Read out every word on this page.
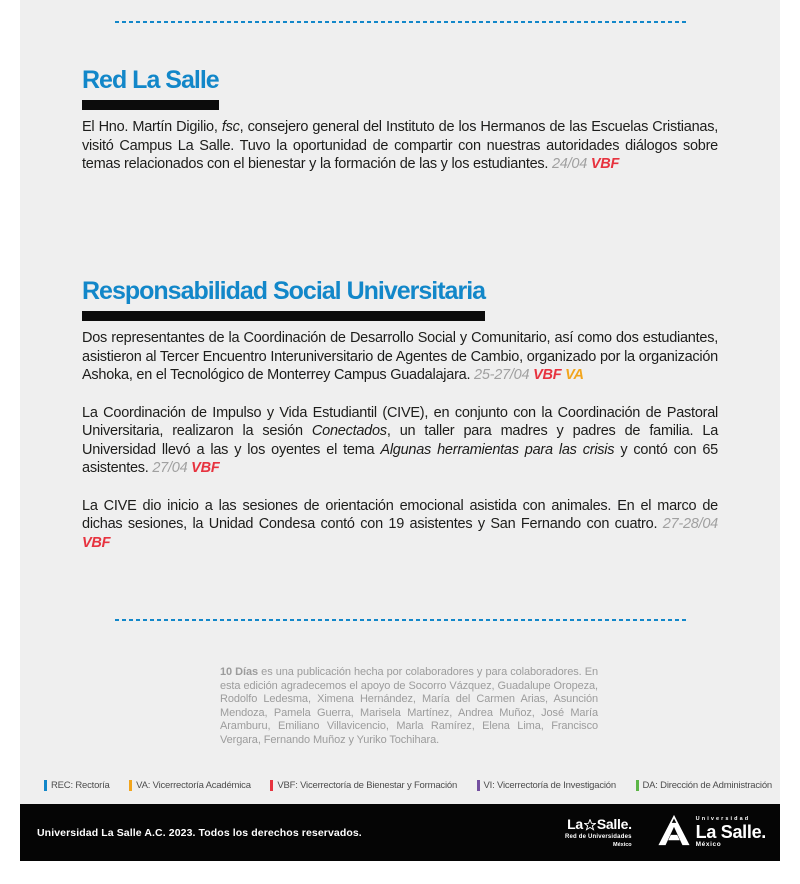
Red La Salle

El Hno. Martín Digilio, fsc, consejero general del Instituto de los Hermanos de las Escuelas Cristianas, visitó Campus La Salle. Tuvo la oportunidad de compartir con nuestras autoridades diálogos sobre temas relacionados con el bienestar y la formación de las y los estudiantes. 24/04 VBF

Responsabilidad Social Universitaria

Dos representantes de la Coordinación de Desarrollo Social y Comunitario, así como dos estudiantes, asistieron al Tercer Encuentro Interuniversitario de Agentes de Cambio, organizado por la organización Ashoka, en el Tecnológico de Monterrey Campus Guadalajara. 25-27/04 VBF VA

La Coordinación de Impulso y Vida Estudiantil (CIVE), en conjunto con la Coordinación de Pastoral Universitaria, realizaron la sesión Conectados, un taller para madres y padres de familia. La Universidad llevó a las y los oyentes el tema Algunas herramientas para las crisis y contó con 65 asistentes. 27/04 VBF

La CIVE dio inicio a las sesiones de orientación emocional asistida con animales. En el marco de dichas sesiones, la Unidad Condesa contó con 19 asistentes y San Fernando con cuatro. 27-28/04 VBF

10 Días es una publicación hecha por colaboradores y para colaboradores. En esta edición agradecemos el apoyo de Socorro Vázquez, Guadalupe Oropeza, Rodolfo Ledesma, Ximena Hernández, María del Carmen Arias, Asunción Mendoza, Pamela Guerra, Marisela Martínez, Andrea Muñoz, José María Aramburu, Emiliano Villavicencio, Marla Ramírez, Elena Lima, Francisco Vergara, Fernando Muñoz y Yuriko Tochihara.

REC: Rectoría	VA: Vicerrectoría Académica	VBF: Vicerrectoría de Bienestar y Formación	VI: Vicerrectoría de Investigación	DA: Dirección de Administración
Universidad La Salle A.C. 2023. Todos los derechos reservados.
La Salle.
Red de Universidades
México
Universidad
La Salle.
México
